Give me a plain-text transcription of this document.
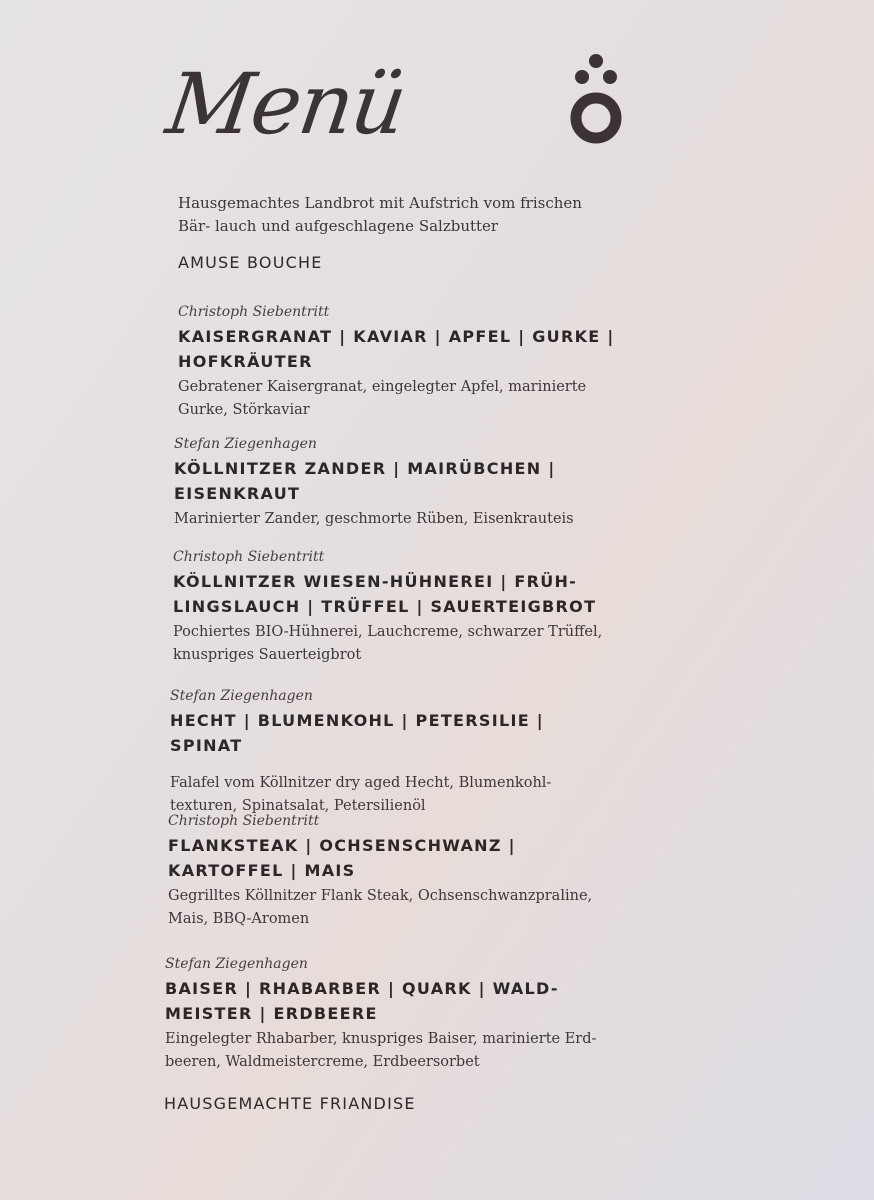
Menü
Hausgemachtes Landbrot mit Aufstrich vom frischen Bär- lauch und aufgeschlagene Salzbutter
AMUSE BOUCHE

Christoph Siebentritt

KAISERGRANAT | KAVIAR | APFEL | GURKE |

HOFKRÄUTER

Gebratener Kaisergranat, eingelegter Apfel, marinierte

Gurke, Störkaviar

Stefan Ziegenhagen

KÖLLNITZER ZANDER | MAIRÜBCHEN |

EISENKRAUT

Marinierter Zander, geschmorte Rüben, Eisenkrauteis

Christoph Siebentritt

KÖLLNITZER WIESEN-HÜHNEREI | FRÜH-

LINGSLAUCH | TRÜFFEL | SAUERTEIGBROT

Pochiertes BIO-Hühnerei, Lauchcreme, schwarzer Trüffel,

knuspriges Sauerteigbrot

Stefan Ziegenhagen

HECHT | BLUMENKOHL | PETERSILIE | SPINAT

Falafel vom Köllnitzer dry aged Hecht, Blumenkohl-

texturen, Spinatsalat, Petersilienöl

Christoph Siebentritt

FLANKSTEAK | OCHSENSCHWANZ |

KARTOFFEL | MAIS

Gegrilltes Köllnitzer Flank Steak, Ochsenschwanzpraline,

Mais, BBQ-Aromen

Stefan Ziegenhagen

BAISER | RHABARBER | QUARK | WALD-

MEISTER | ERDBEERE

Eingelegter Rhabarber, knuspriges Baiser, marinierte Erd-

beeren, Waldmeistercreme, Erdbeersorbet

HAUSGEMACHTE FRIANDISE
